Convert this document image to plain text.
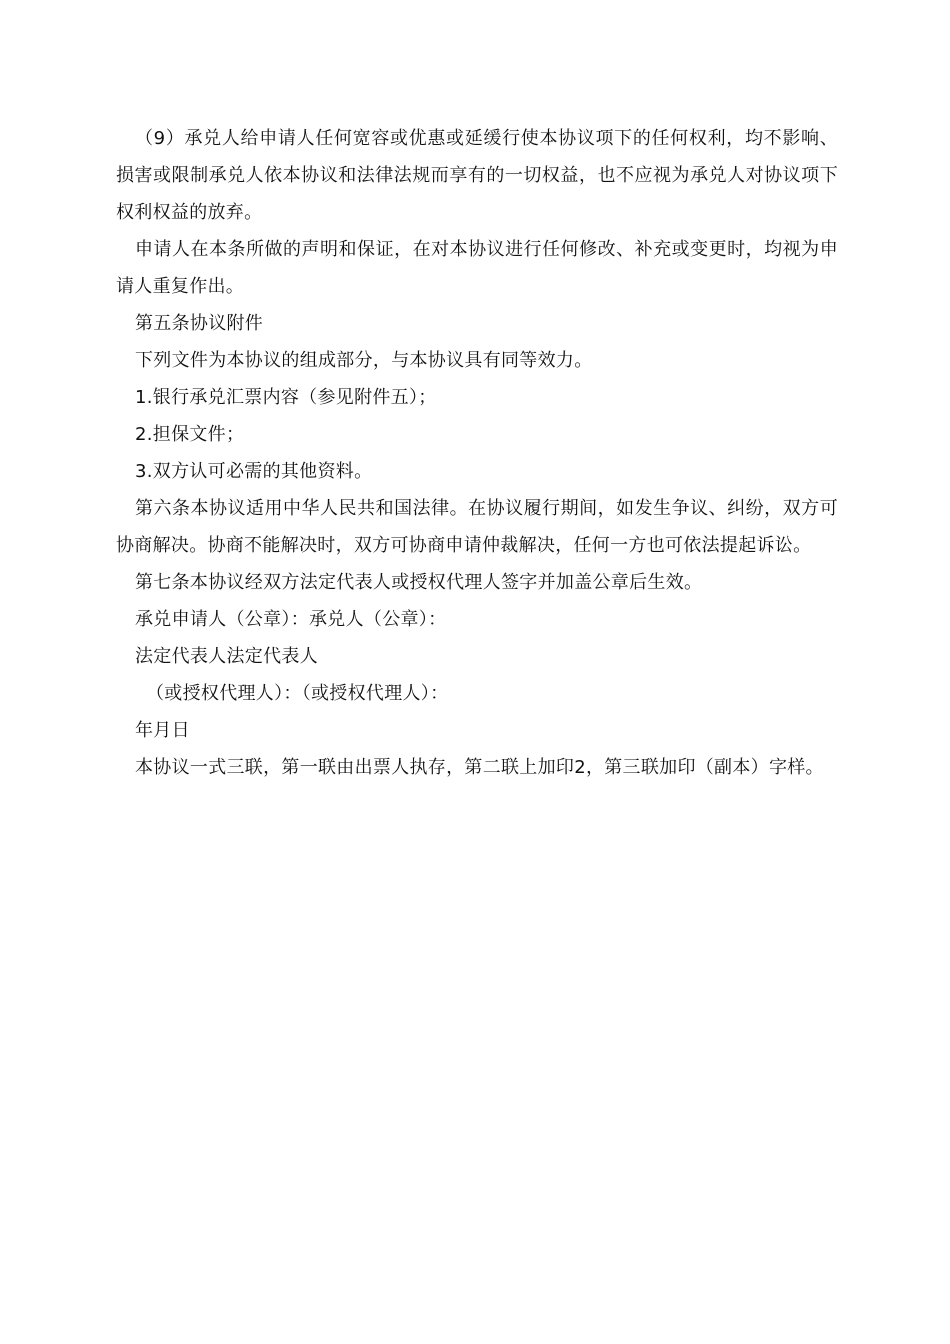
（9）承兑人给申请人任何宽容或优惠或延缓行使本协议项下的任何权利，均不影响、损害或限制承兑人依本协议和法律法规而享有的一切权益，也不应视为承兑人对协议项下权利权益的放弃。

申请人在本条所做的声明和保证，在对本协议进行任何修改、补充或变更时，均视为申请人重复作出。

第五条协议附件

下列文件为本协议的组成部分，与本协议具有同等效力。

1.银行承兑汇票内容（参见附件五）；

2.担保文件；

3.双方认可必需的其他资料。

第六条本协议适用中华人民共和国法律。在协议履行期间，如发生争议、纠纷，双方可协商解决。协商不能解决时，双方可协商申请仲裁解决，任何一方也可依法提起诉讼。

第七条本协议经双方法定代表人或授权代理人签字并加盖公章后生效。

承兑申请人（公章）：承兑人（公章）：

法定代表人法定代表人

（或授权代理人）：（或授权代理人）：

年月日

本协议一式三联，第一联由出票人执存，第二联上加印2，第三联加印（副本）字样。
